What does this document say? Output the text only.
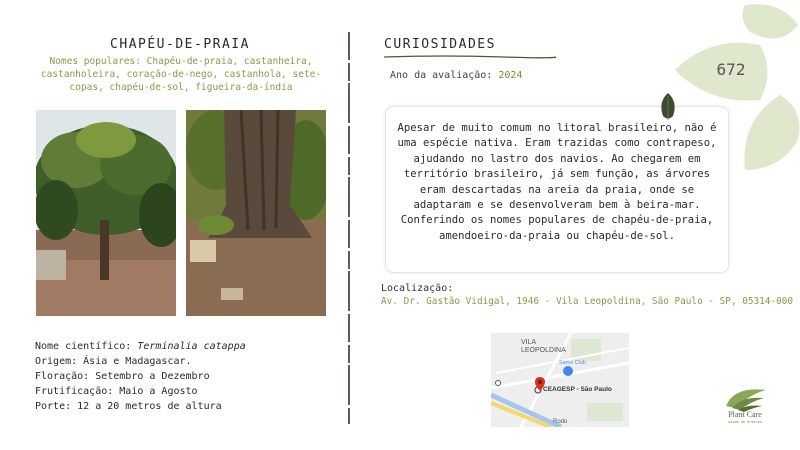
CHAPÉU-DE-PRAIA
Nomes populares: Chapéu-de-praia, castanheira, castanholeira, coração-de-nego, castanhola, sete-copas, chapéu-de-sol, figueira-da-índia
Nome científico: Terminalia catappa
Origem: Ásia e Madagascar.
Floração: Setembro a Dezembro
Frutificação: Maio a Agosto
Porte: 12 a 20 metros de altura
CURIOSIDADES
Ano da avaliação: 2024	672
Apesar de muito comum no litoral brasileiro, não é uma espécie nativa. Eram trazidas como contrapeso, ajudando no lastro dos navios. Ao chegarem em território brasileiro, já sem função, as árvores eram descartadas na areia da praia, onde se adaptaram e se desenvolveram bem à beira-mar. Conferindo os nomes populares de chapéu-de-praia, amendoeiro-da-praia ou chapéu-de-sol.
Localização:
Av. Dr. Gastão Vidigal, 1946 - Vila Leopoldina, São Paulo - SP, 05314-000
VILA
LEOPOLDINA
Sams Club
CEAGESP - São Paulo
Rodo
Plant Care
saúde de árvores
